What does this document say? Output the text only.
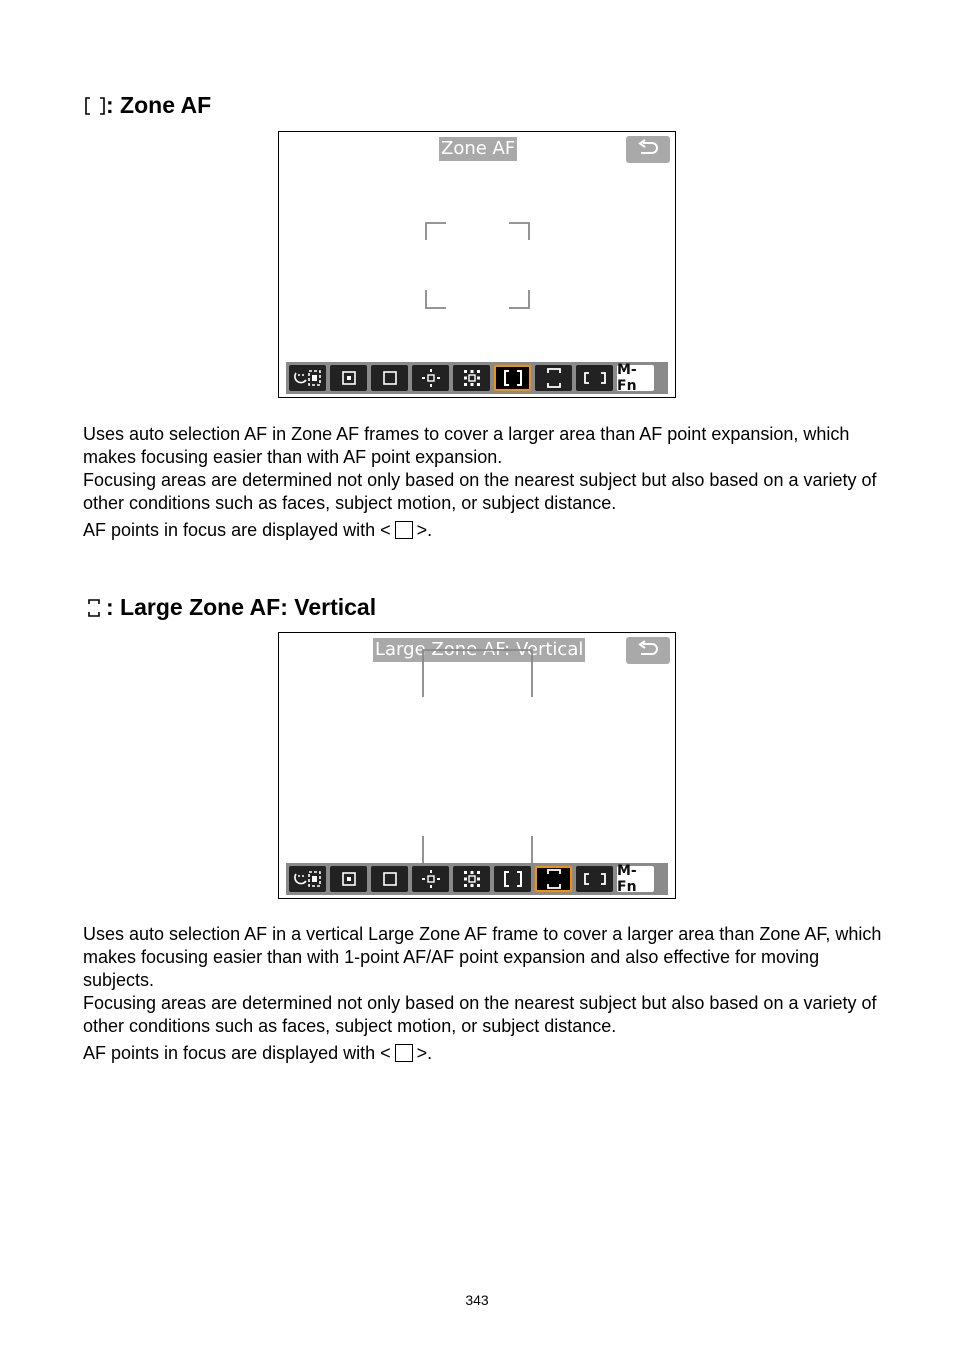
: Zone AF
Zone AF
M-Fn

Uses auto selection AF in Zone AF frames to cover a larger area than AF point expansion, which makes focusing easier than with AF point expansion.

Focusing areas are determined not only based on the nearest subject but also based on a variety of other conditions such as faces, subject motion, or subject distance.

AF points in focus are displayed with < >.

: Large Zone AF: Vertical
Large Zone AF: Vertical
M-Fn

Uses auto selection AF in a vertical Large Zone AF frame to cover a larger area than Zone AF, which makes focusing easier than with 1-point AF/AF point expansion and also effective for moving subjects.

Focusing areas are determined not only based on the nearest subject but also based on a variety of other conditions such as faces, subject motion, or subject distance.

AF points in focus are displayed with < >.

343
